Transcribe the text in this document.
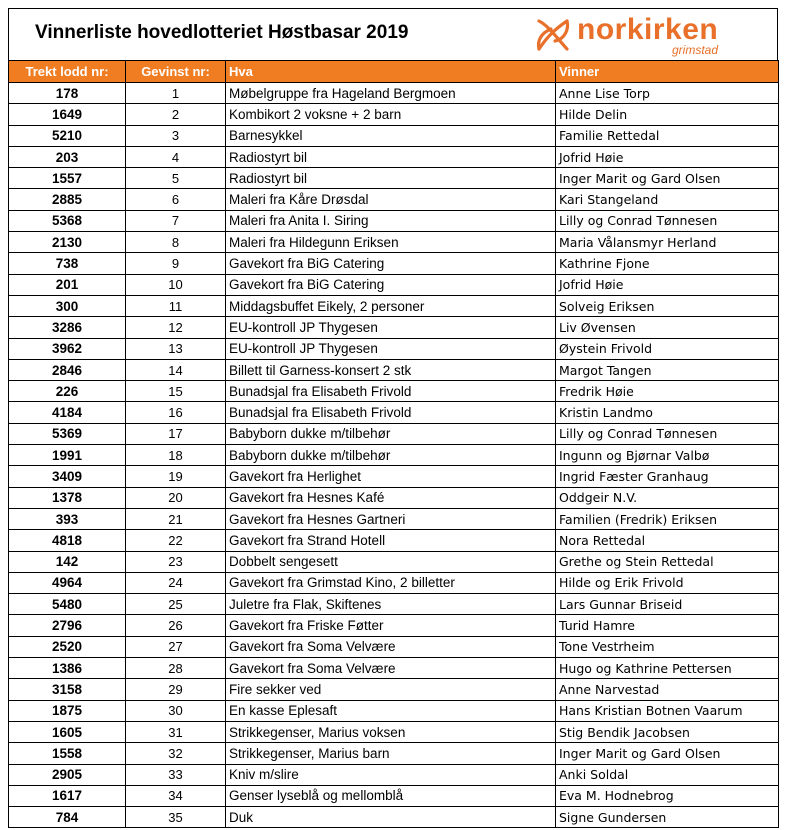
Vinnerliste hovedlotteriet Høstbasar 2019	norkirken
grimstad
Trekt lodd nr:	Gevinst nr:	Hva	Vinner
178	1	Møbelgruppe fra Hageland Bergmoen	Anne Lise Torp
1649	2	Kombikort 2 voksne + 2 barn	Hilde Delin
5210	3	Barnesykkel	Familie Rettedal
203	4	Radiostyrt bil	Jofrid Høie
1557	5	Radiostyrt bil	Inger Marit og Gard Olsen
2885	6	Maleri fra Kåre Drøsdal	Kari Stangeland
5368	7	Maleri fra Anita I. Siring	Lilly og Conrad Tønnesen
2130	8	Maleri fra Hildegunn Eriksen	Maria Vålansmyr Herland
738	9	Gavekort fra BiG Catering	Kathrine Fjone
201	10	Gavekort fra BiG Catering	Jofrid Høie
300	11	Middagsbuffet Eikely, 2 personer	Solveig Eriksen
3286	12	EU-kontroll JP Thygesen	Liv Øvensen
3962	13	EU-kontroll JP Thygesen	Øystein Frivold
2846	14	Billett til Garness-konsert 2 stk	Margot Tangen
226	15	Bunadsjal fra Elisabeth Frivold	Fredrik Høie
4184	16	Bunadsjal fra Elisabeth Frivold	Kristin Landmo
5369	17	Babyborn dukke m/tilbehør	Lilly og Conrad Tønnesen
1991	18	Babyborn dukke m/tilbehør	Ingunn og Bjørnar Valbø
3409	19	Gavekort fra Herlighet	Ingrid Fæster Granhaug
1378	20	Gavekort fra Hesnes Kafé	Oddgeir N.V.
393	21	Gavekort fra Hesnes Gartneri	Familien (Fredrik) Eriksen
4818	22	Gavekort fra Strand Hotell	Nora Rettedal
142	23	Dobbelt sengesett	Grethe og Stein Rettedal
4964	24	Gavekort fra Grimstad Kino, 2 billetter	Hilde og Erik Frivold
5480	25	Juletre fra Flak, Skiftenes	Lars Gunnar Briseid
2796	26	Gavekort fra Friske Føtter	Turid Hamre
2520	27	Gavekort fra Soma Velvære	Tone Vestrheim
1386	28	Gavekort fra Soma Velvære	Hugo og Kathrine Pettersen
3158	29	Fire sekker ved	Anne Narvestad
1875	30	En kasse Eplesaft	Hans Kristian Botnen Vaarum
1605	31	Strikkegenser, Marius voksen	Stig Bendik Jacobsen
1558	32	Strikkegenser, Marius barn	Inger Marit og Gard Olsen
2905	33	Kniv m/slire	Anki Soldal
1617	34	Genser lyseblå og mellomblå	Eva M. Hodnebrog
784	35	Duk	Signe Gundersen
